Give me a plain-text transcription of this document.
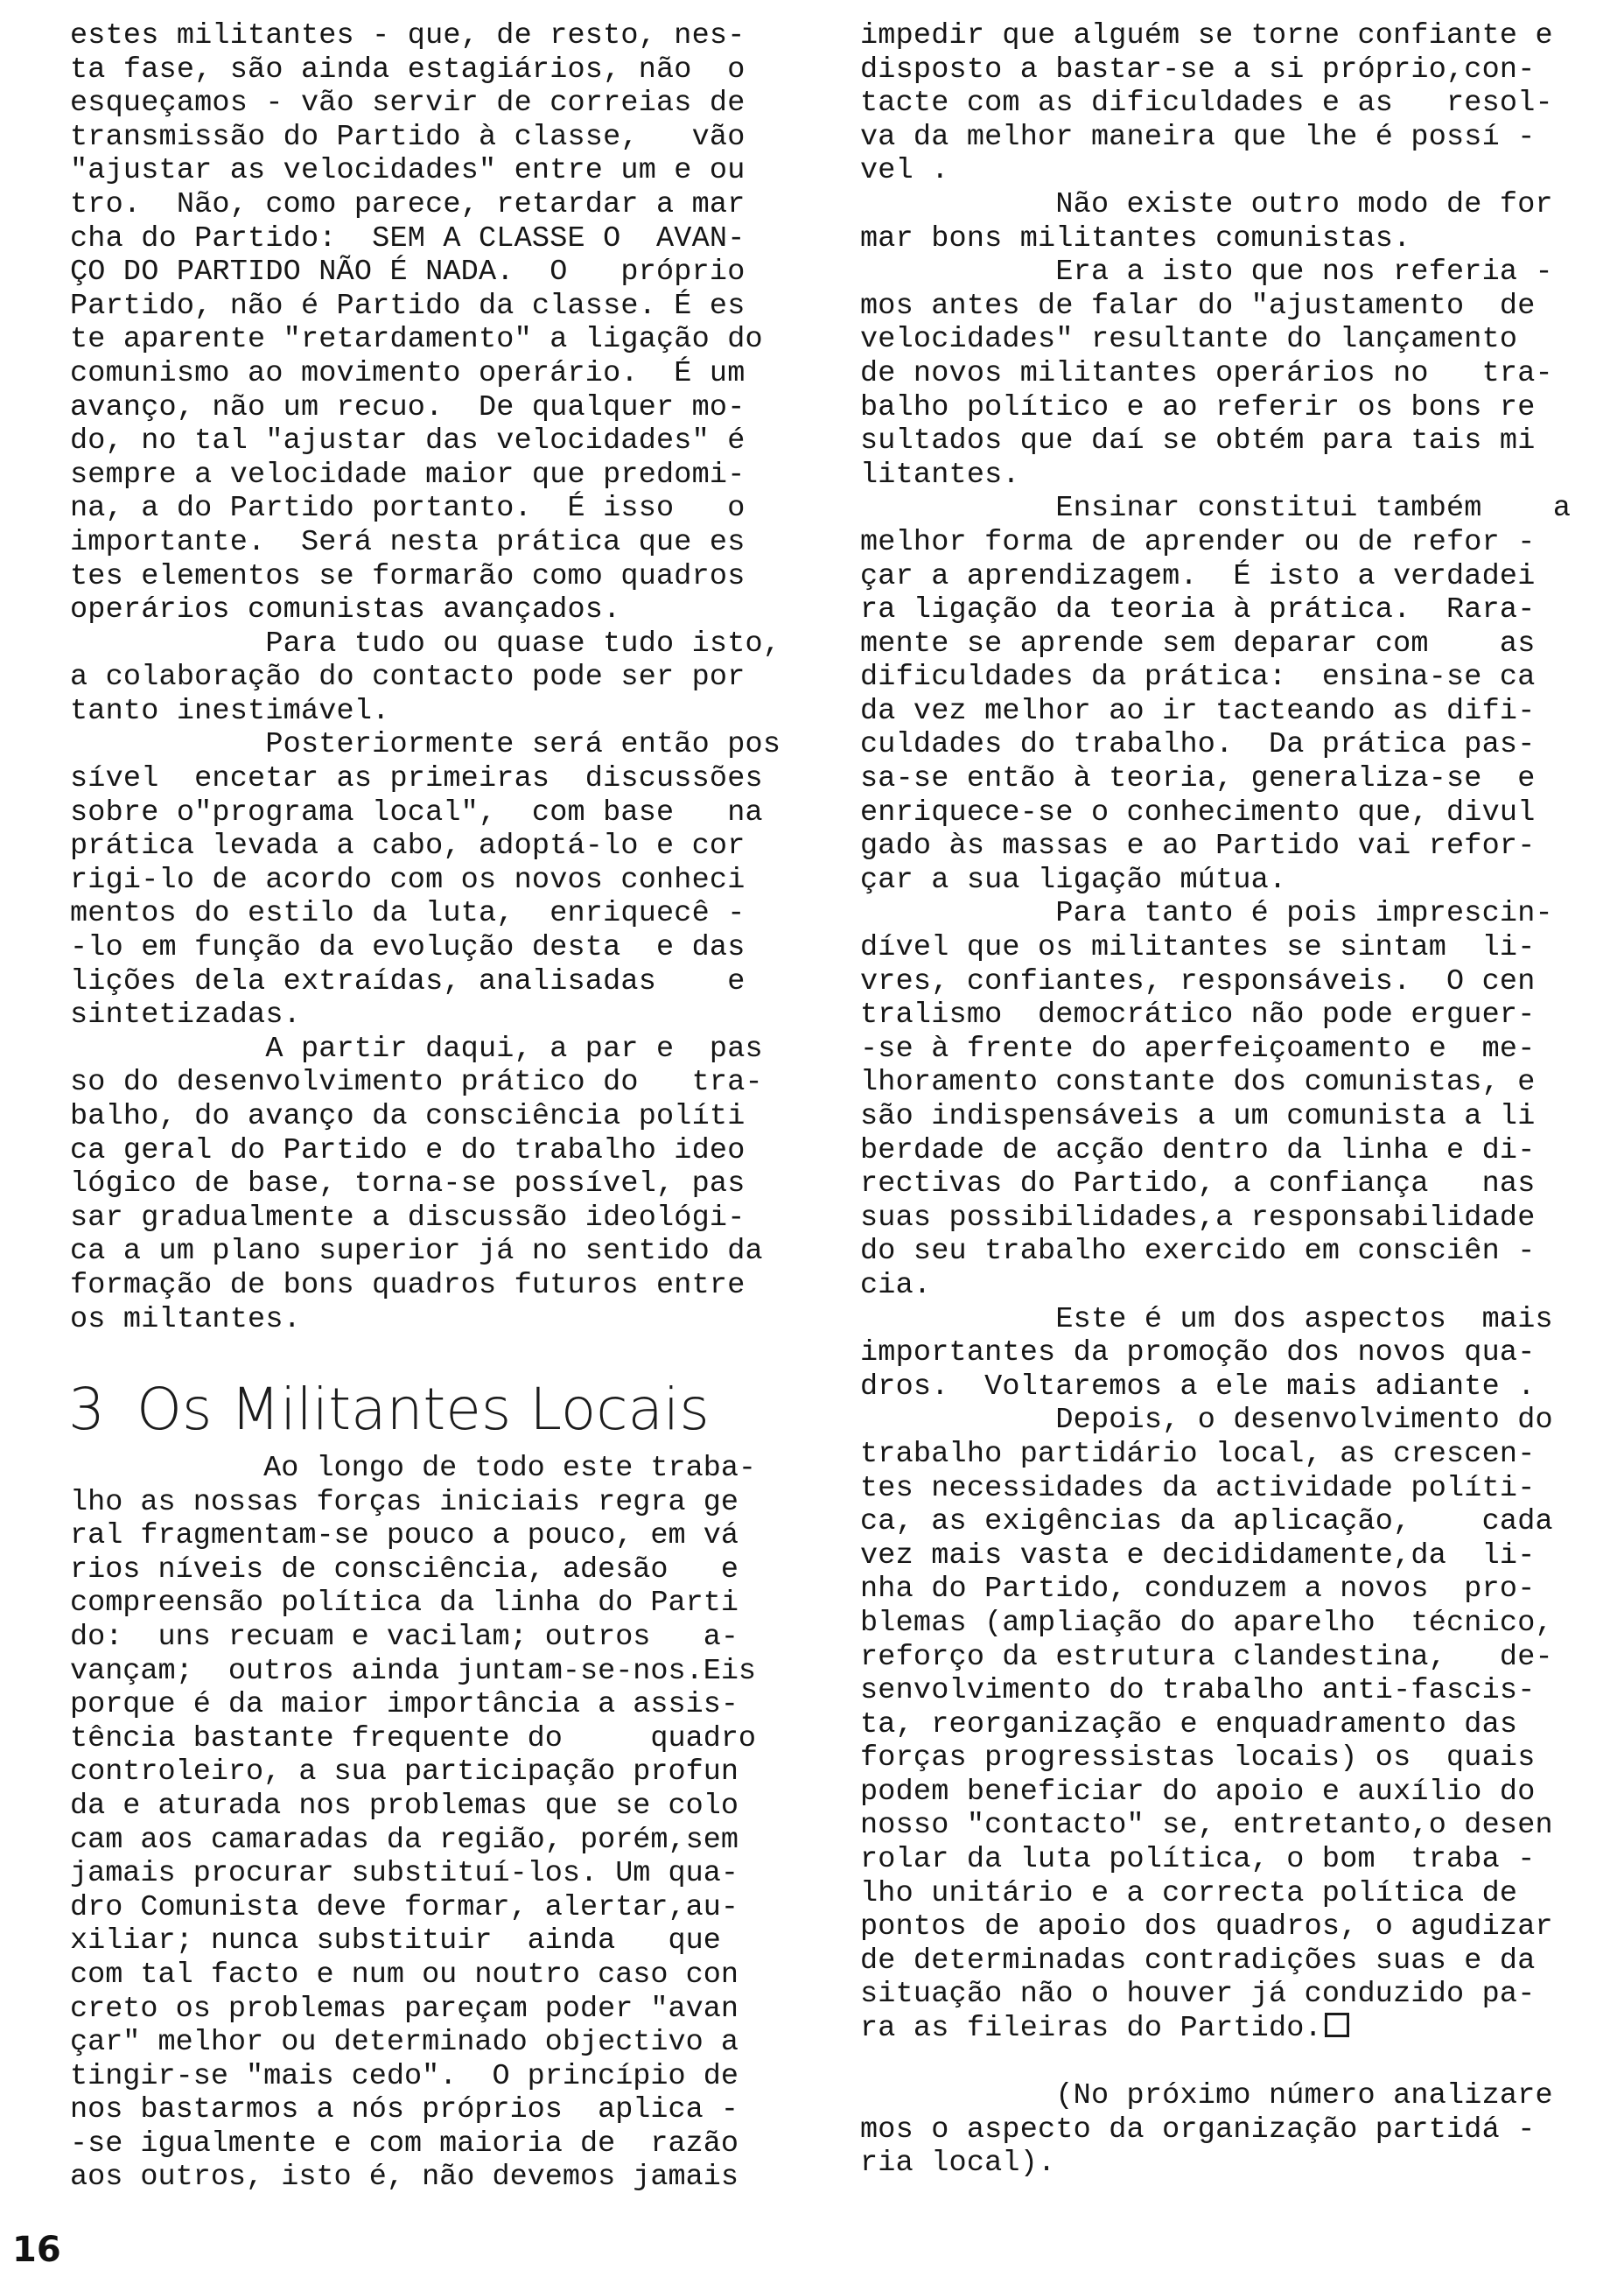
estes militantes - que, de resto, nes-
ta fase, são ainda estagiários, não  o
esqueçamos - vão servir de correias de
transmissão do Partido à classe,   vão
"ajustar as velocidades" entre um e ou
tro.  Não, como parece, retardar a mar
cha do Partido:  SEM A CLASSE O  AVAN-
ÇO DO PARTIDO NÃO É NADA.  O   próprio
Partido, não é Partido da classe. É es
te aparente "retardamento" a ligação do
comunismo ao movimento operário.  É um
avanço, não um recuo.  De qualquer mo-
do, no tal "ajustar das velocidades" é
sempre a velocidade maior que predomi-
na, a do Partido portanto.  É isso   o
importante.  Será nesta prática que es
tes elementos se formarão como quadros
operários comunistas avançados.
Para tudo ou quase tudo isto,
a colaboração do contacto pode ser por
tanto inestimável.
Posteriormente será então pos
sível  encetar as primeiras  discussões
sobre o"programa local",  com base   na
prática levada a cabo, adoptá-lo e cor
rigi-lo de acordo com os novos conheci
mentos do estilo da luta,  enriquecê -
-lo em função da evolução desta  e das
lições dela extraídas, analisadas    e
sintetizadas.
A partir daqui, a par e  pas
so do desenvolvimento prático do   tra-
balho, do avanço da consciência políti
ca geral do Partido e do trabalho ideo
lógico de base, torna-se possível, pas
sar gradualmente a discussão ideológi-
ca a um plano superior já no sentido da
formação de bons quadros futuros entre
os miltantes.
3 Os Militantes Locais
Ao longo de todo este traba-
lho as nossas forças iniciais regra ge
ral fragmentam-se pouco a pouco, em vá
rios níveis de consciência, adesão   e
compreensão política da linha do Parti
do:  uns recuam e vacilam; outros   a-
vançam;  outros ainda juntam-se-nos.Eis
porque é da maior importância a assis-
tência bastante frequente do     quadro
controleiro, a sua participação profun
da e aturada nos problemas que se colo
cam aos camaradas da região, porém,sem
jamais procurar substituí-los. Um qua-
dro Comunista deve formar, alertar,au-
xiliar; nunca substituir  ainda   que
com tal facto e num ou noutro caso con
creto os problemas pareçam poder "avan
çar" melhor ou determinado objectivo a
tingir-se "mais cedo".  O princípio de
nos bastarmos a nós próprios  aplica -
-se igualmente e com maioria de  razão
aos outros, isto é, não devemos jamais
impedir que alguém se torne confiante e
disposto a bastar-se a si próprio,con-
tacte com as dificuldades e as   resol-
va da melhor maneira que lhe é possí -
vel .
Não existe outro modo de for
mar bons militantes comunistas.
Era a isto que nos referia -
mos antes de falar do "ajustamento  de
velocidades" resultante do lançamento
de novos militantes operários no   tra-
balho político e ao referir os bons re
sultados que daí se obtém para tais mi
litantes.
Ensinar constitui também    a
melhor forma de aprender ou de refor -
çar a aprendizagem.  É isto a verdadei
ra ligação da teoria à prática.  Rara-
mente se aprende sem deparar com    as
dificuldades da prática:  ensina-se ca
da vez melhor ao ir tacteando as difi-
culdades do trabalho.  Da prática pas-
sa-se então à teoria, generaliza-se  e
enriquece-se o conhecimento que, divul
gado às massas e ao Partido vai refor-
çar a sua ligação mútua.
Para tanto é pois imprescin-
dível que os militantes se sintam  li-
vres, confiantes, responsáveis.  O cen
tralismo  democrático não pode erguer-
-se à frente do aperfeiçoamento e  me-
lhoramento constante dos comunistas, e
são indispensáveis a um comunista a li
berdade de acção dentro da linha e di-
rectivas do Partido, a confiança   nas
suas possibilidades,a responsabilidade
do seu trabalho exercido em consciên -
cia.
Este é um dos aspectos  mais
importantes da promoção dos novos qua-
dros.  Voltaremos a ele mais adiante .
Depois, o desenvolvimento do
trabalho partidário local, as crescen-
tes necessidades da actividade políti-
ca, as exigências da aplicação,    cada
vez mais vasta e decididamente,da  li-
nha do Partido, conduzem a novos  pro-
blemas (ampliação do aparelho  técnico,
reforço da estrutura clandestina,   de-
senvolvimento do trabalho anti-fascis-
ta, reorganização e enquadramento das
forças progressistas locais) os  quais
podem beneficiar do apoio e auxílio do
nosso "contacto" se, entretanto,o desen
rolar da luta política, o bom  traba -
lho unitário e a correcta política de
pontos de apoio dos quadros, o agudizar
de determinadas contradições suas e da
situação não o houver já conduzido pa-
ra as fileiras do Partido.
(No próximo número analizare
mos o aspecto da organização partidá -
ria local).
16
